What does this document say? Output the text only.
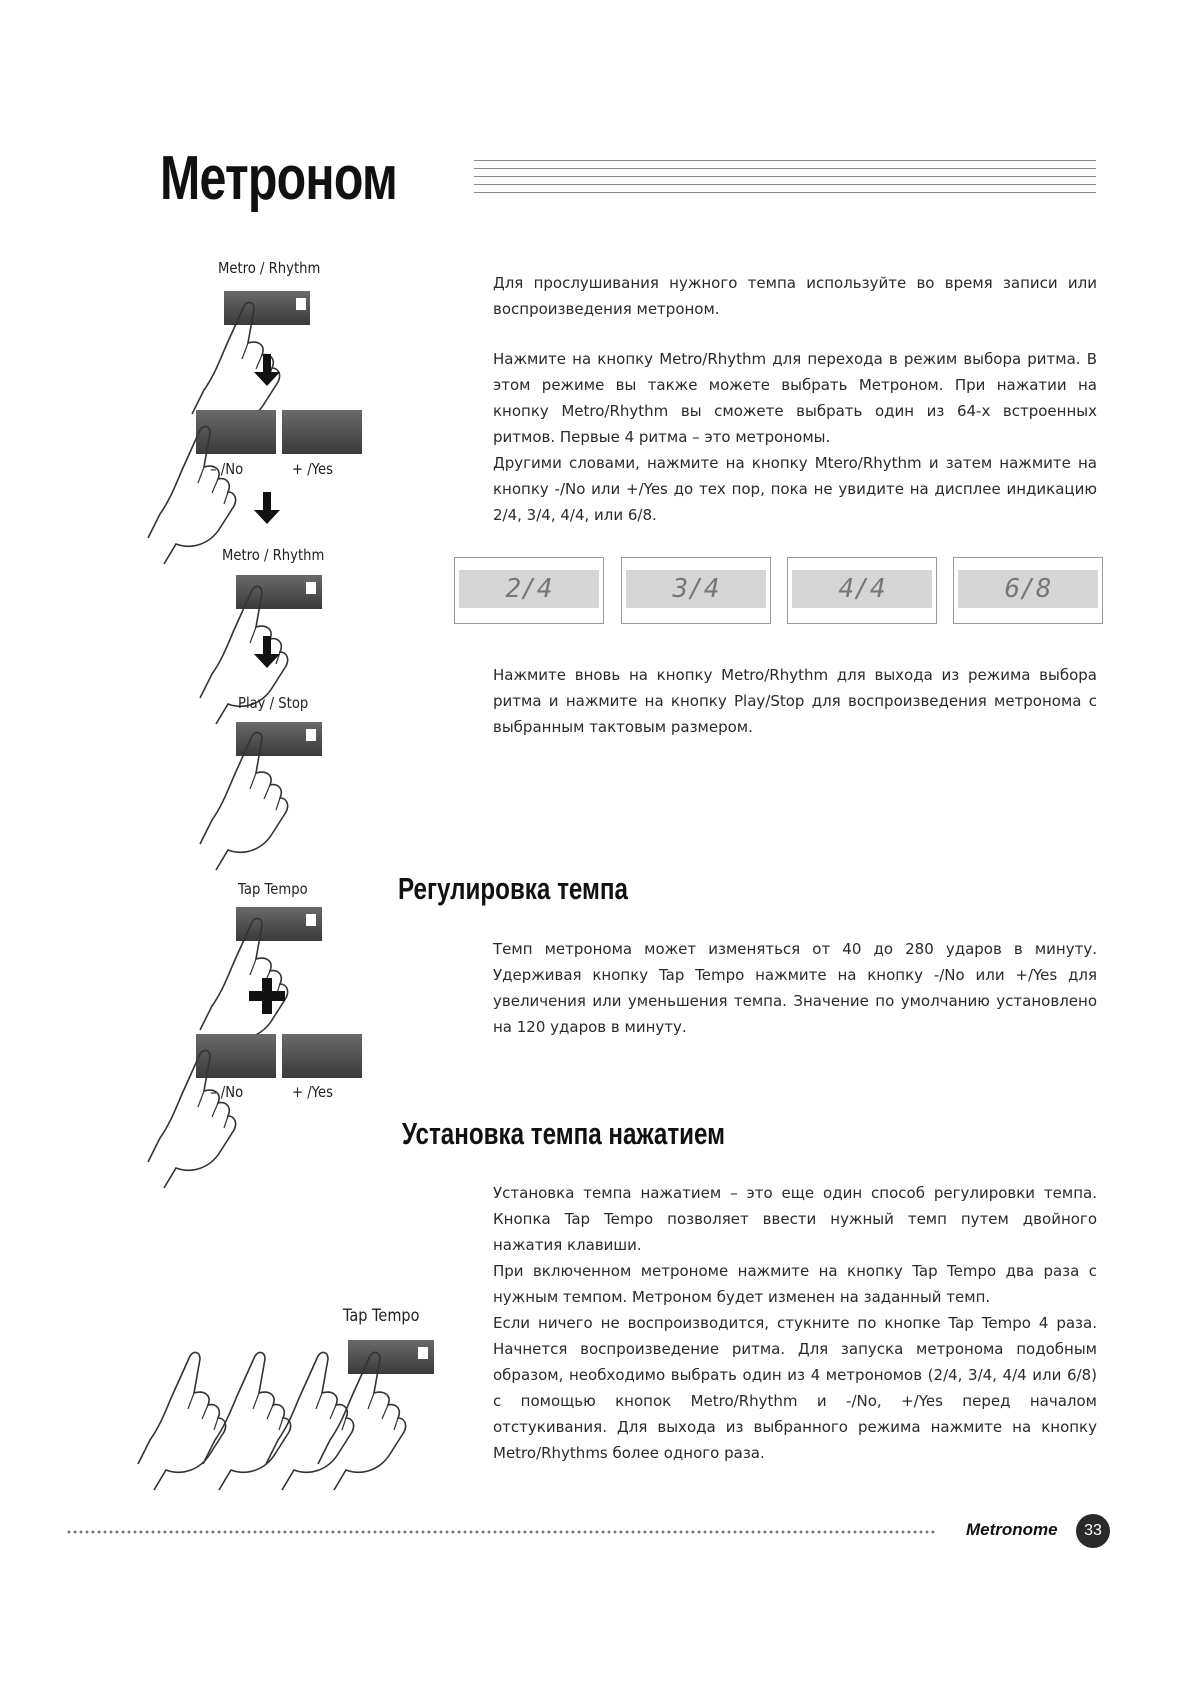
Метроном
Metro / Rhythm
– /No	+ /Yes
Metro / Rhythm
Play / Stop
Tap Tempo
– /No	+ /Yes
Tap Tempo
Для прослушивания нужного темпа используйте во время записи или воспроизведения метроном.
Нажмите на кнопку Metro/Rhythm для перехода в режим выбора ритма. В этом режиме вы также можете выбрать Метроном. При нажатии на кнопку Metro/Rhythm вы сможете выбрать один из 64-х встроенных ритмов. Первые 4 ритма – это метрономы.
Другими словами, нажмите на кнопку Mtero/Rhythm и затем нажмите на кнопку -/No или +/Yes до тех пор, пока не увидите на дисплее индикацию 2/4, 3/4, 4/4, или 6/8.
2/4	3/4	4/4	6/8
Нажмите вновь на кнопку Metro/Rhythm для выхода из режима выбора ритма и нажмите на кнопку Play/Stop для воспроизведения метронома с выбранным тактовым размером.
Регулировка темпа
Темп метронома может изменяться от 40 до 280 ударов в минуту. Удерживая кнопку Tap Tempo нажмите на кнопку -/No или +/Yes для увеличения или уменьшения темпа. Значение по умолчанию установлено на 120 ударов в минуту.
Установка темпа нажатием
Установка темпа нажатием – это еще один способ регулировки темпа. Кнопка Tap Tempo позволяет ввести нужный темп путем двойного нажатия клавиши.
При включенном метрономе нажмите на кнопку Tap Tempo два раза с нужным темпом. Метроном будет изменен на заданный темп.
Если ничего не воспроизводится, стукните по кнопке Tap Tempo 4 раза. Начнется воспроизведение ритма. Для запуска метронома подобным образом, необходимо выбрать один из 4 метрономов (2/4, 3/4, 4/4 или 6/8) с помощью кнопок Metro/Rhythm и -/No, +/Yes перед началом отстукивания. Для выхода из выбранного режима нажмите на кнопку Metro/Rhythms более одного раза.
Metronome	33
